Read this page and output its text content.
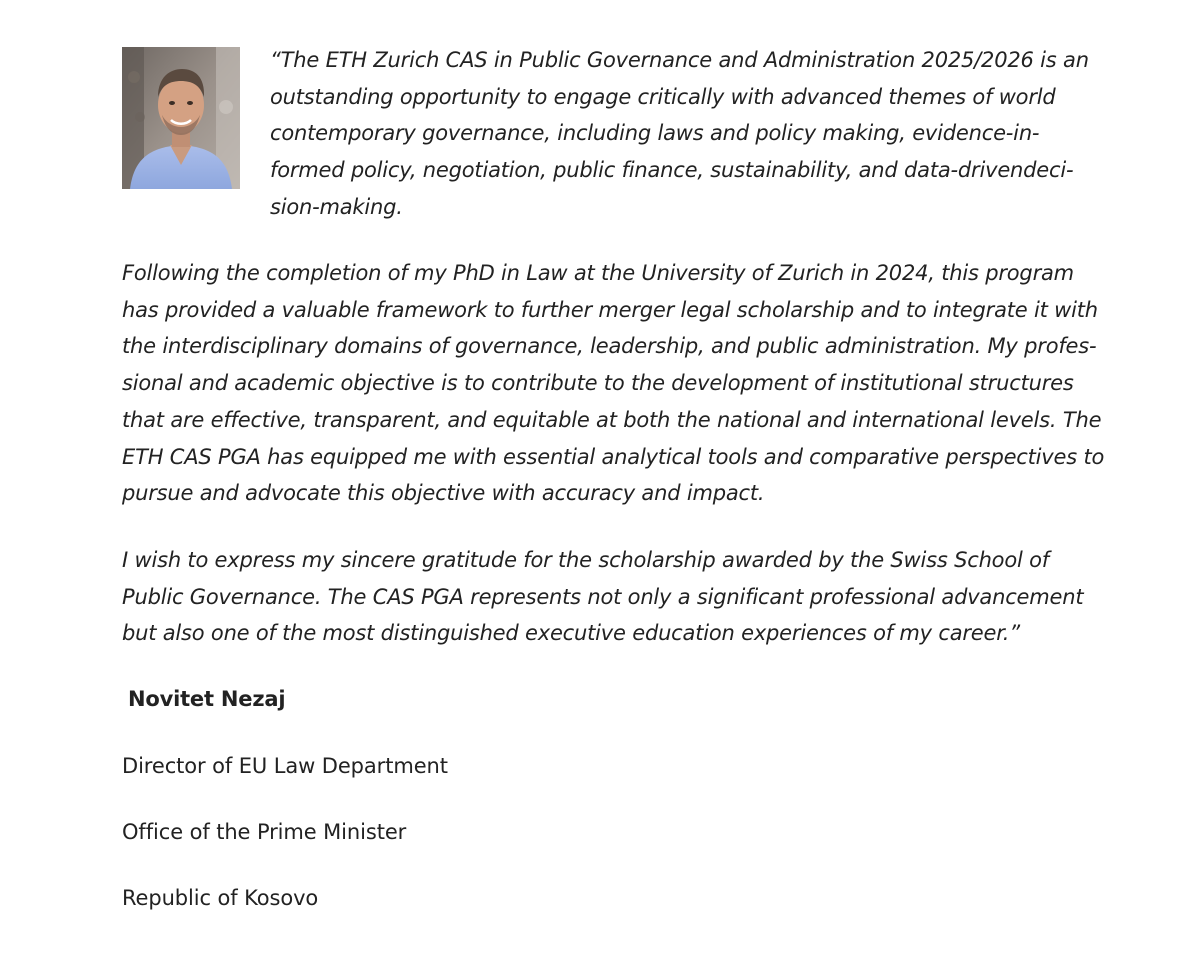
“The ETH Zurich CAS in Public Governance and Administration 2025/2026 is an
outstanding opportunity to engage critically with advanced themes of world
contemporary governance, including laws and policy making, evidence-in-
formed policy, negotiation, public finance, sustainability, and data-drivendeci-
sion-making.

Following the completion of my PhD in Law at the University of Zurich in 2024, this program
has provided a valuable framework to further merger legal scholarship and to integrate it with
the interdisciplinary domains of governance, leadership, and public administration. My profes-
sional and academic objective is to contribute to the development of institutional structures
that are effective, transparent, and equitable at both the national and international levels. The
ETH CAS PGA has equipped me with essential analytical tools and comparative perspectives to
pursue and advocate this objective with accuracy and impact.

I wish to express my sincere gratitude for the scholarship awarded by the Swiss School of
Public Governance. The CAS PGA represents not only a significant professional advancement
but also one of the most distinguished executive education experiences of my career.”

Novitet Nezaj
Director of EU Law Department
Office of the Prime Minister
Republic of Kosovo
